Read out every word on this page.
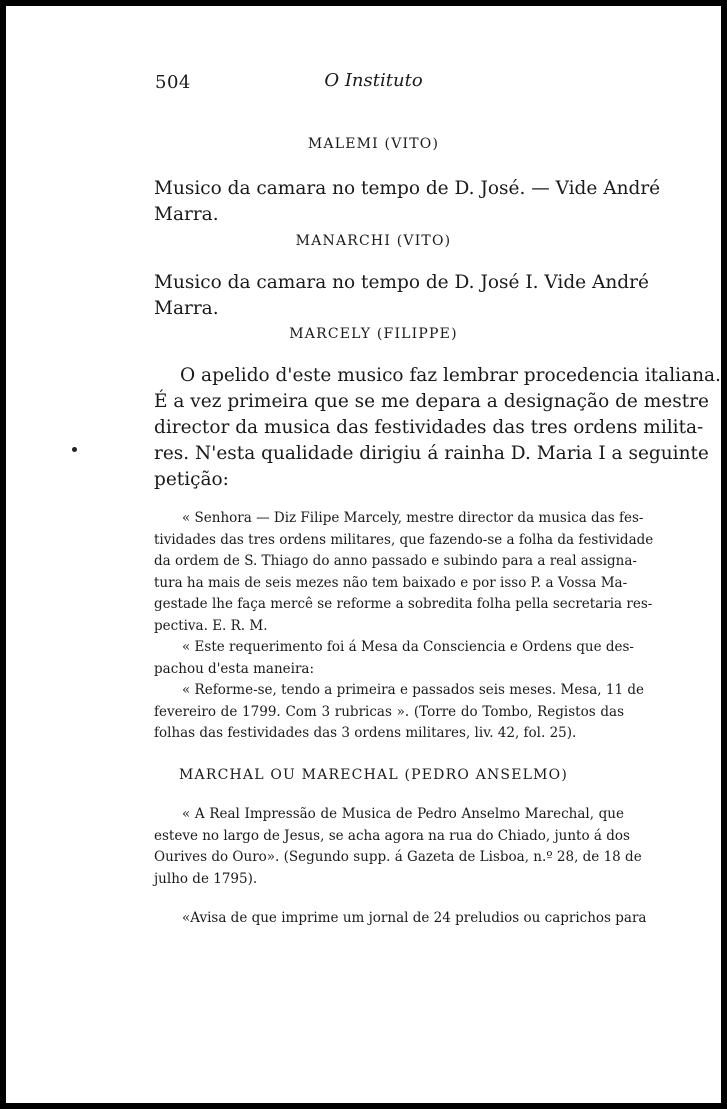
504	O Instituto
MALEMI (VITO)
Musico da camara no tempo de D. José. — Vide André
Marra.
MANARCHI (VITO)
Musico da camara no tempo de D. José I. Vide André
Marra.
MARCELY (FILIPPE)
O apelido d'este musico faz lembrar procedencia italiana.
É a vez primeira que se me depara a designação de mestre
director da musica das festividades das tres ordens milita-
res. N'esta qualidade dirigiu á rainha D. Maria I a seguinte
petição:
« Senhora — Diz Filipe Marcely, mestre director da musica das fes-
tividades das tres ordens militares, que fazendo-se a folha da festividade
da ordem de S. Thiago do anno passado e subindo para a real assigna-
tura ha mais de seis mezes não tem baixado e por isso P. a Vossa Ma-
gestade lhe faça mercê se reforme a sobredita folha pella secretaria res-
pectiva. E. R. M.
« Este requerimento foi á Mesa da Consciencia e Ordens que des-
pachou d'esta maneira:
« Reforme-se, tendo a primeira e passados seis meses. Mesa, 11 de
fevereiro de 1799. Com 3 rubricas ». (Torre do Tombo, Registos das
folhas das festividades das 3 ordens militares, liv. 42, fol. 25).
MARCHAL OU MARECHAL (PEDRO ANSELMO)
« A Real Impressão de Musica de Pedro Anselmo Marechal, que
esteve no largo de Jesus, se acha agora na rua do Chiado, junto á dos
Ourives do Ouro». (Segundo supp. á Gazeta de Lisboa, n.º 28, de 18 de
julho de 1795).
«Avisa de que imprime um jornal de 24 preludios ou caprichos para
